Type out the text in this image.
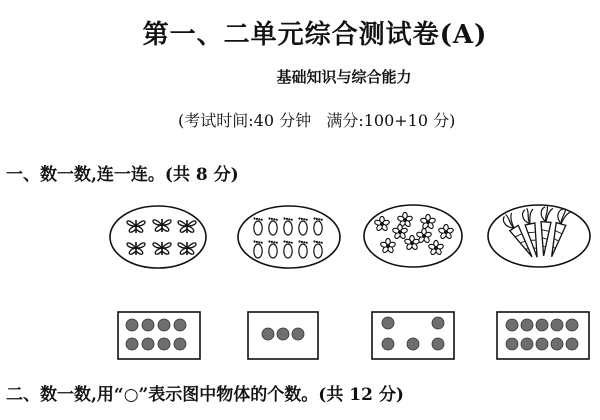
第一、二单元综合测试卷(A)
基础知识与综合能力
(考试时间:40 分钟   满分:100+10 分)
一、数一数,连一连。(共 8 分)
二、数一数,用“○”表示图中物体的个数。(共 12 分)
